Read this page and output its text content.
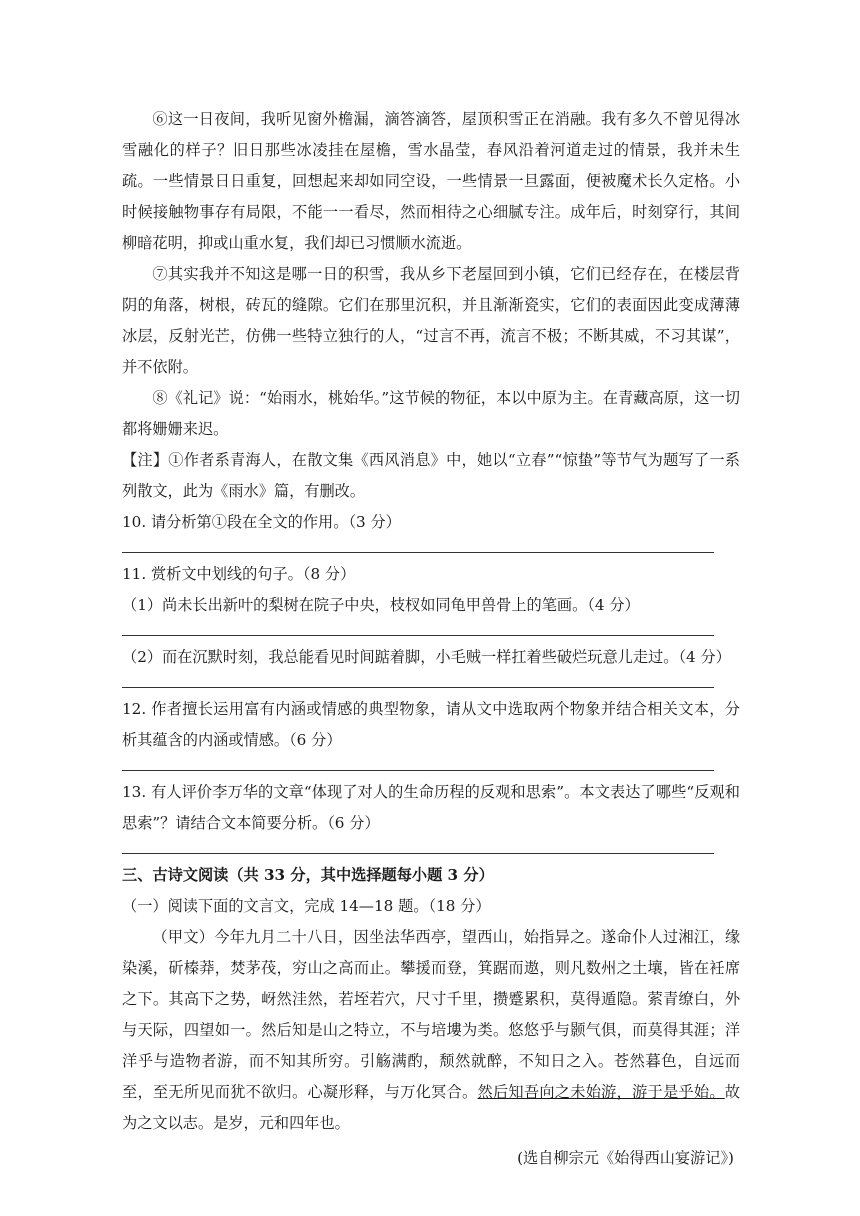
⑥这一日夜间，我听见窗外檐漏，滴答滴答，屋顶积雪正在消融。我有多久不曾见得冰雪融化的样子？旧日那些冰凌挂在屋檐，雪水晶莹，春风沿着河道走过的情景，我并未生疏。一些情景日日重复，回想起来却如同空设，一些情景一旦露面，便被魔术长久定格。小时候接触物事存有局限，不能一一看尽，然而相待之心细腻专注。成年后，时刻穿行，其间柳暗花明，抑或山重水复，我们却已习惯顺水流逝。

⑦其实我并不知这是哪一日的积雪，我从乡下老屋回到小镇，它们已经存在，在楼层背阴的角落，树根，砖瓦的缝隙。它们在那里沉积，并且渐渐瓷实，它们的表面因此变成薄薄冰层，反射光芒，仿佛一些特立独行的人，“过言不再，流言不极；不断其威，不习其谋”，并不依附。

⑧《礼记》说：“始雨水，桃始华。”这节候的物征，本以中原为主。在青藏高原，这一切都将姗姗来迟。

【注】①作者系青海人，在散文集《西风消息》中，她以“立春”“惊蛰”等节气为题写了一系列散文，此为《雨水》篇，有删改。

10. 请分析第①段在全文的作用。（3 分）

11. 赏析文中划线的句子。（8 分）

（1）尚未长出新叶的梨树在院子中央，枝杈如同龟甲兽骨上的笔画。（4 分）

（2）而在沉默时刻，我总能看见时间踮着脚，小毛贼一样扛着些破烂玩意儿走过。（4 分）

12. 作者擅长运用富有内涵或情感的典型物象，请从文中选取两个物象并结合相关文本，分析其蕴含的内涵或情感。（6 分）

13. 有人评价李万华的文章“体现了对人的生命历程的反观和思索”。本文表达了哪些“反观和思索”？请结合文本简要分析。（6 分）

三、古诗文阅读（共 33 分，其中选择题每小题 3 分）

（一）阅读下面的文言文，完成 14—18 题。（18 分）

（甲文）今年九月二十八日，因坐法华西亭，望西山，始指异之。遂命仆人过湘江，缘染溪，斫榛莽，焚茅茷，穷山之高而止。攀援而登，箕踞而遨，则凡数州之土壤，皆在衽席之下。其高下之势，岈然洼然，若垤若穴，尺寸千里，攒蹙累积，莫得遁隐。萦青缭白，外与天际，四望如一。然后知是山之特立，不与培塿为类。悠悠乎与颢气俱，而莫得其涯；洋洋乎与造物者游，而不知其所穷。引觞满酌，颓然就醉，不知日之入。苍然暮色，自远而至，至无所见而犹不欲归。心凝形释，与万化冥合。然后知吾向之未始游，游于是乎始。故为之文以志。是岁，元和四年也。

(选自柳宗元《始得西山宴游记》)
